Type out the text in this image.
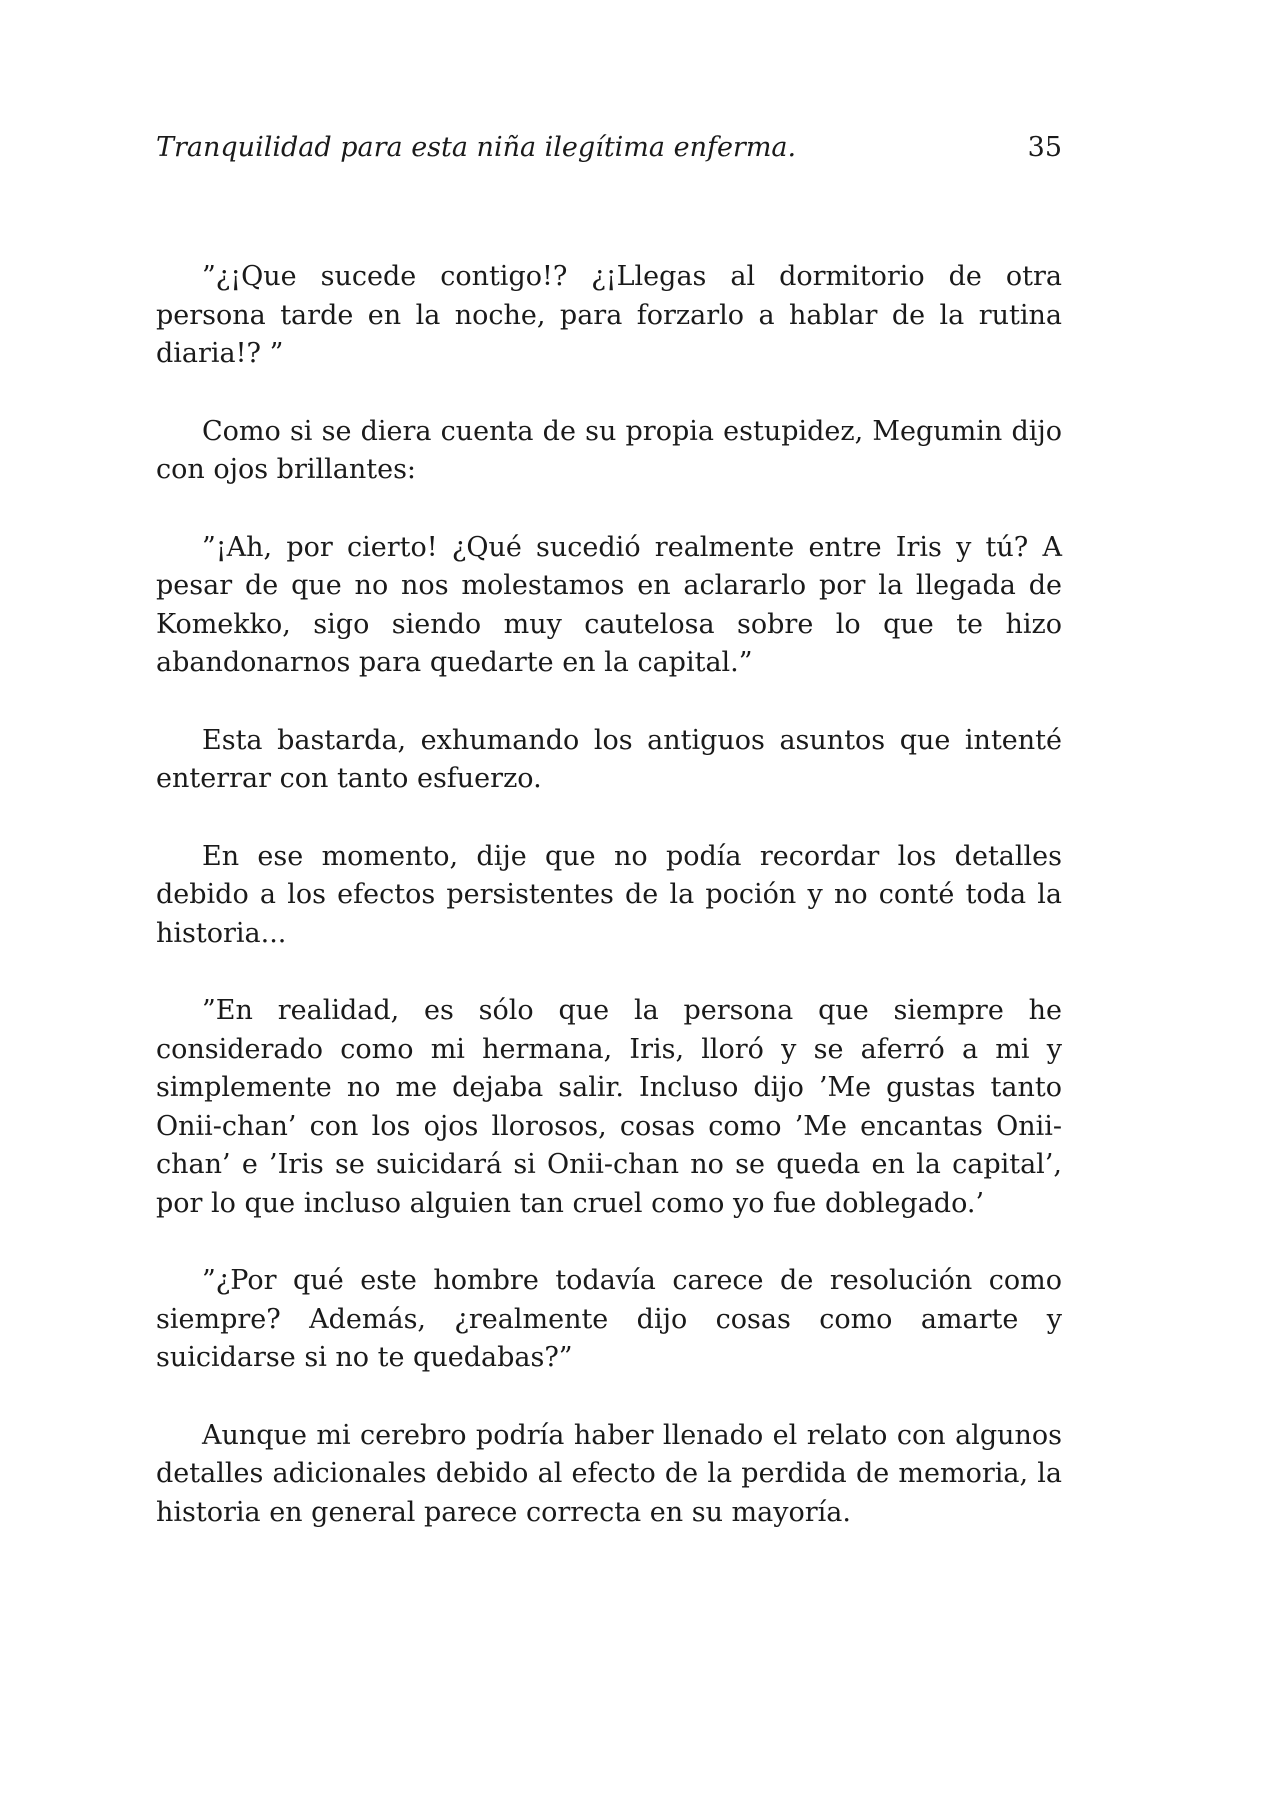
Tranquilidad para esta niña ilegítima enferma.	35

”¿¡Que sucede contigo!? ¿¡Llegas al dormitorio de otra persona tarde en la noche, para forzarlo a hablar de la rutina diaria!? ”

Como si se diera cuenta de su propia estupidez, Megumin dijo con ojos brillantes:

”¡Ah, por cierto! ¿Qué sucedió realmente entre Iris y tú? A pesar de que no nos molestamos en aclararlo por la llegada de Komekko, sigo siendo muy cautelosa sobre lo que te hizo abandonarnos para quedarte en la capital.”

Esta bastarda, exhumando los antiguos asuntos que intenté enterrar con tanto esfuerzo.

En ese momento, dije que no podía recordar los detalles debido a los efectos persistentes de la poción y no conté toda la historia...

”En realidad, es sólo que la persona que siempre he considerado como mi hermana, Iris, lloró y se aferró a mi y simplemente no me dejaba salir. Incluso dijo ’Me gustas tanto Onii-chan’ con los ojos llorosos, cosas como ’Me encantas Onii-chan’ e ’Iris se suicidará si Onii-chan no se queda en la capital’, por lo que incluso alguien tan cruel como yo fue doblegado.’

”¿Por qué este hombre todavía carece de resolución como siempre? Además, ¿realmente dijo cosas como amarte y suicidarse si no te quedabas?”

Aunque mi cerebro podría haber llenado el relato con algunos detalles adicionales debido al efecto de la perdida de memoria, la historia en general parece correcta en su mayoría.
